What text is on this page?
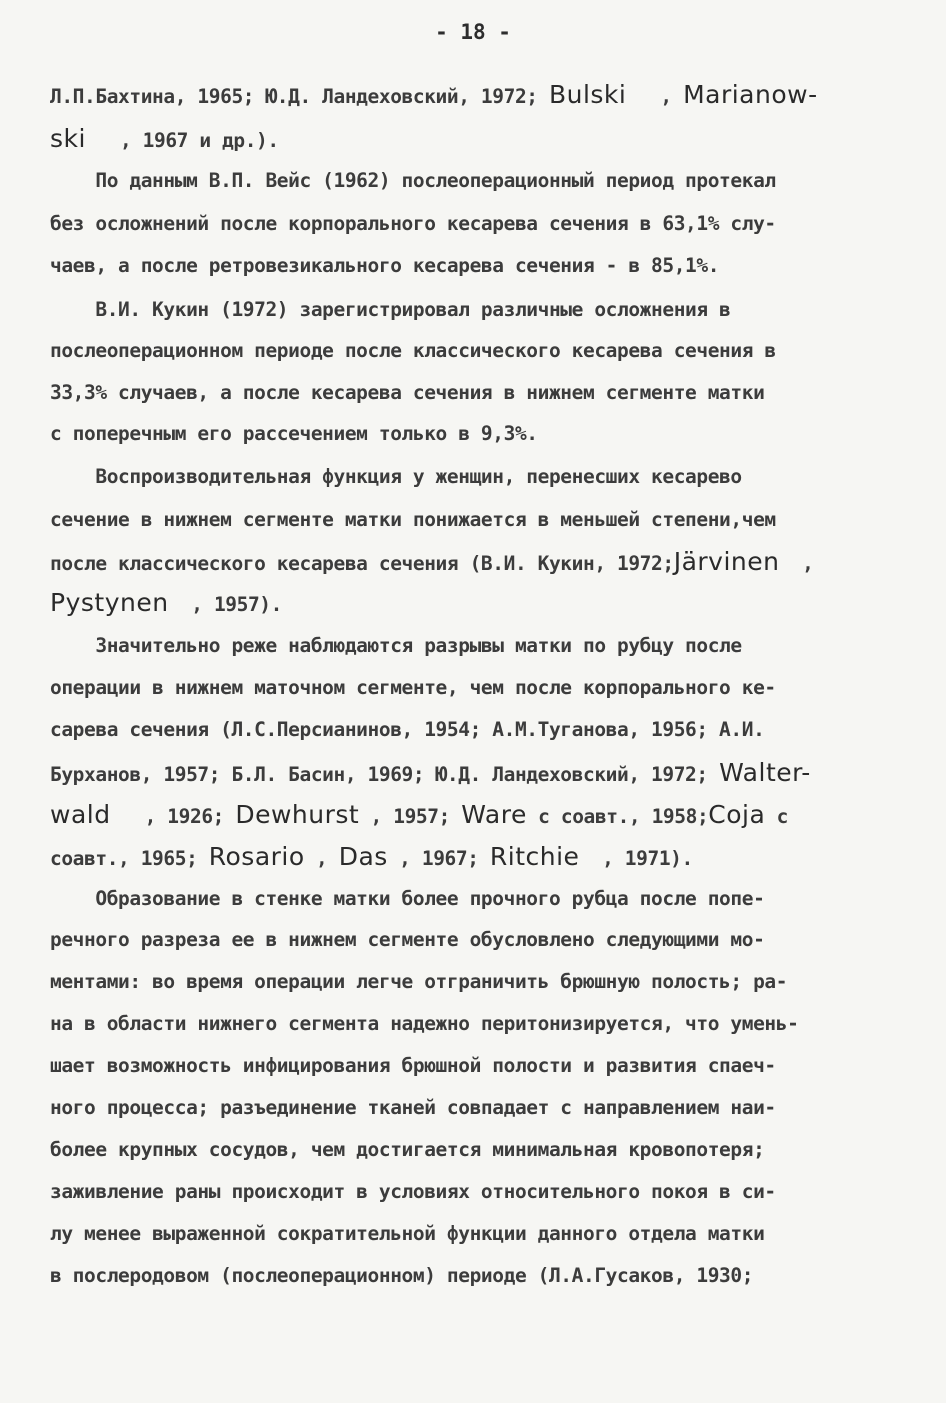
- 18 -
Л.П.Бахтина, 1965; Ю.Д. Ландеховский, 1972; Bulski   , Marianow-
ski   , 1967 и др.).
По данным В.П. Вейс (1962) послеоперационный период протекал
без осложнений после корпорального кесарева сечения в 63,1% слу-
чаев, а после ретровезикального кесарева сечения - в 85,1%.
В.И. Кукин (1972) зарегистрировал различные осложнения в
послеоперационном периоде после классического кесарева сечения в
33,3% случаев, а после кесарева сечения в нижнем сегменте матки
с поперечным его рассечением только в 9,3%.
Воспроизводительная функция у женщин, перенесших кесарево
сечение в нижнем сегменте матки понижается в меньшей степени,чем
после классического кесарева сечения (В.И. Кукин, 1972;Järvinen  ,
Pystynen  , 1957).
Значительно реже наблюдаются разрывы матки по рубцу после
операции в нижнем маточном сегменте, чем после корпорального ке-
сарева сечения (Л.С.Персианинов, 1954; А.М.Туганова, 1956; А.И.
Бурханов, 1957; Б.Л. Басин, 1969; Ю.Д. Ландеховский, 1972; Walter-
wald   , 1926; Dewhurst , 1957; Ware с соавт., 1958;Coja с
соавт., 1965; Rosario , Das , 1967; Ritchie  , 1971).
Образование в стенке матки более прочного рубца после попе-
речного разреза ее в нижнем сегменте обусловлено следующими мо-
ментами: во время операции легче отграничить брюшную полость; ра-
на в области нижнего сегмента надежно перитонизируется, что умень-
шает возможность инфицирования брюшной полости и развития спаеч-
ного процесса; разъединение тканей совпадает с направлением наи-
более крупных сосудов, чем достигается минимальная кровопотеря;
заживление раны происходит в условиях относительного покоя в си-
лу менее выраженной сократительной функции данного отдела матки
в послеродовом (послеоперационном) периоде (Л.А.Гусаков, 1930;
